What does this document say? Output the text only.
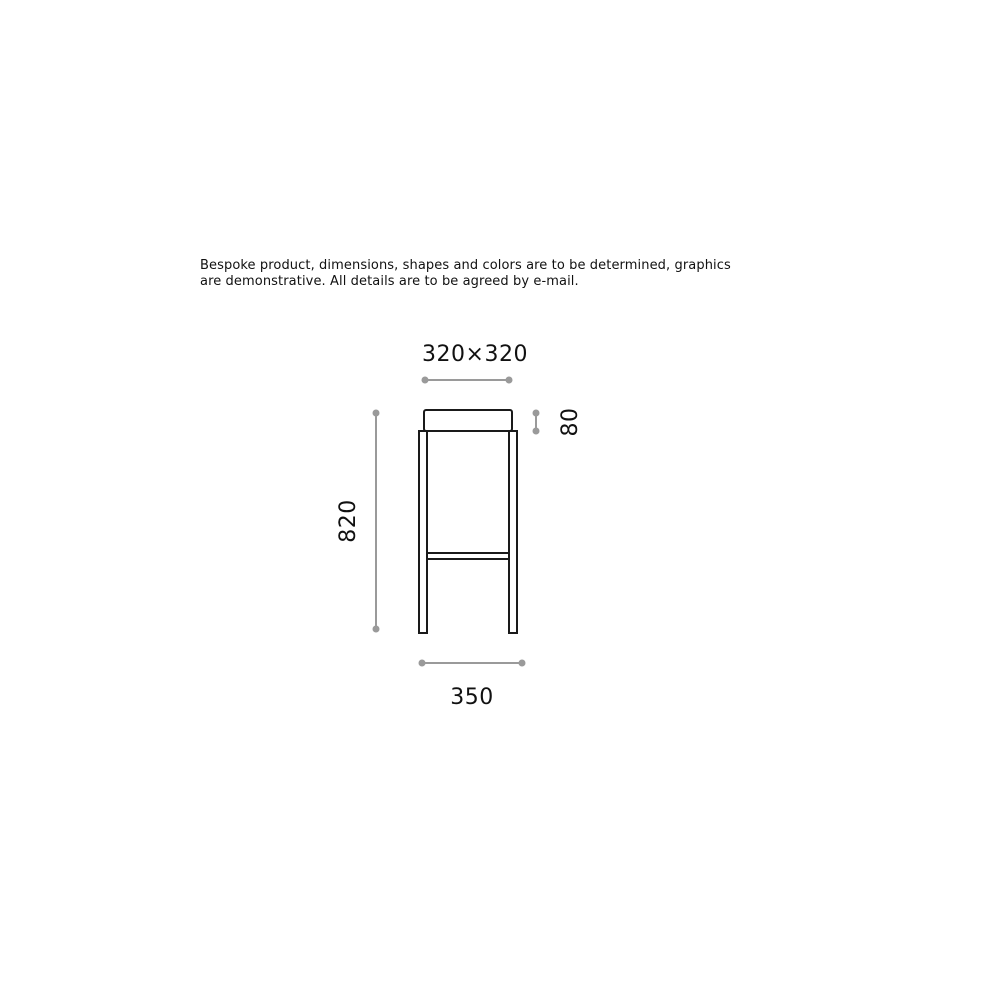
Bespoke product, dimensions, shapes and colors are to be determined, graphics
are demonstrative. All details are to be agreed by e-mail.
320×320
80
820
350
